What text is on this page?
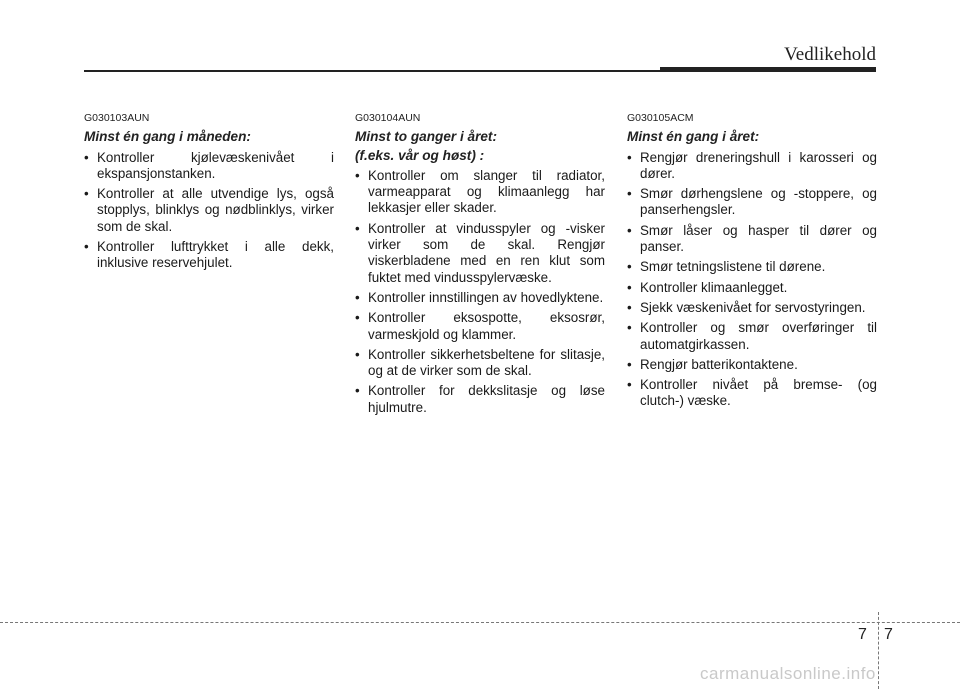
Vedlikehold
G030103AUN
Minst én gang i måneden:
• Kontroller kjølevæskenivået i ekspansjonstanken.
• Kontroller at alle utvendige lys, også stopplys, blinklys og nødblinklys, virker som de skal.
• Kontroller lufttrykket i alle dekk, inklusive reservehjulet.
G030104AUN
Minst to ganger i året:
(f.eks. vår og høst) :
• Kontroller om slanger til radiator, varmeapparat og klimaanlegg har lekkasjer eller skader.
• Kontroller at vindusspyler og -visker virker som de skal. Rengjør viskerbladene med en ren klut som fuktet med vindusspylervæske.
• Kontroller innstillingen av hovedlyktene.
• Kontroller eksospotte, eksosrør, varmeskjold og klammer.
• Kontroller sikkerhetsbeltene for slitasje, og at de virker som de skal.
• Kontroller for dekkslitasje og løse hjulmutre.
G030105ACM
Minst én gang i året:
• Rengjør dreneringshull i karosseri og dører.
• Smør dørhengslene og -stoppere, og panserhengsler.
• Smør låser og hasper til dører og panser.
• Smør tetningslistene til dørene.
• Kontroller klimaanlegget.
• Sjekk væskenivået for servostyringen.
• Kontroller og smør overføringer til automatgirkassen.
• Rengjør batterikontaktene.
• Kontroller nivået på bremse- (og clutch-) væske.
7 7
carmanualsonline.info
